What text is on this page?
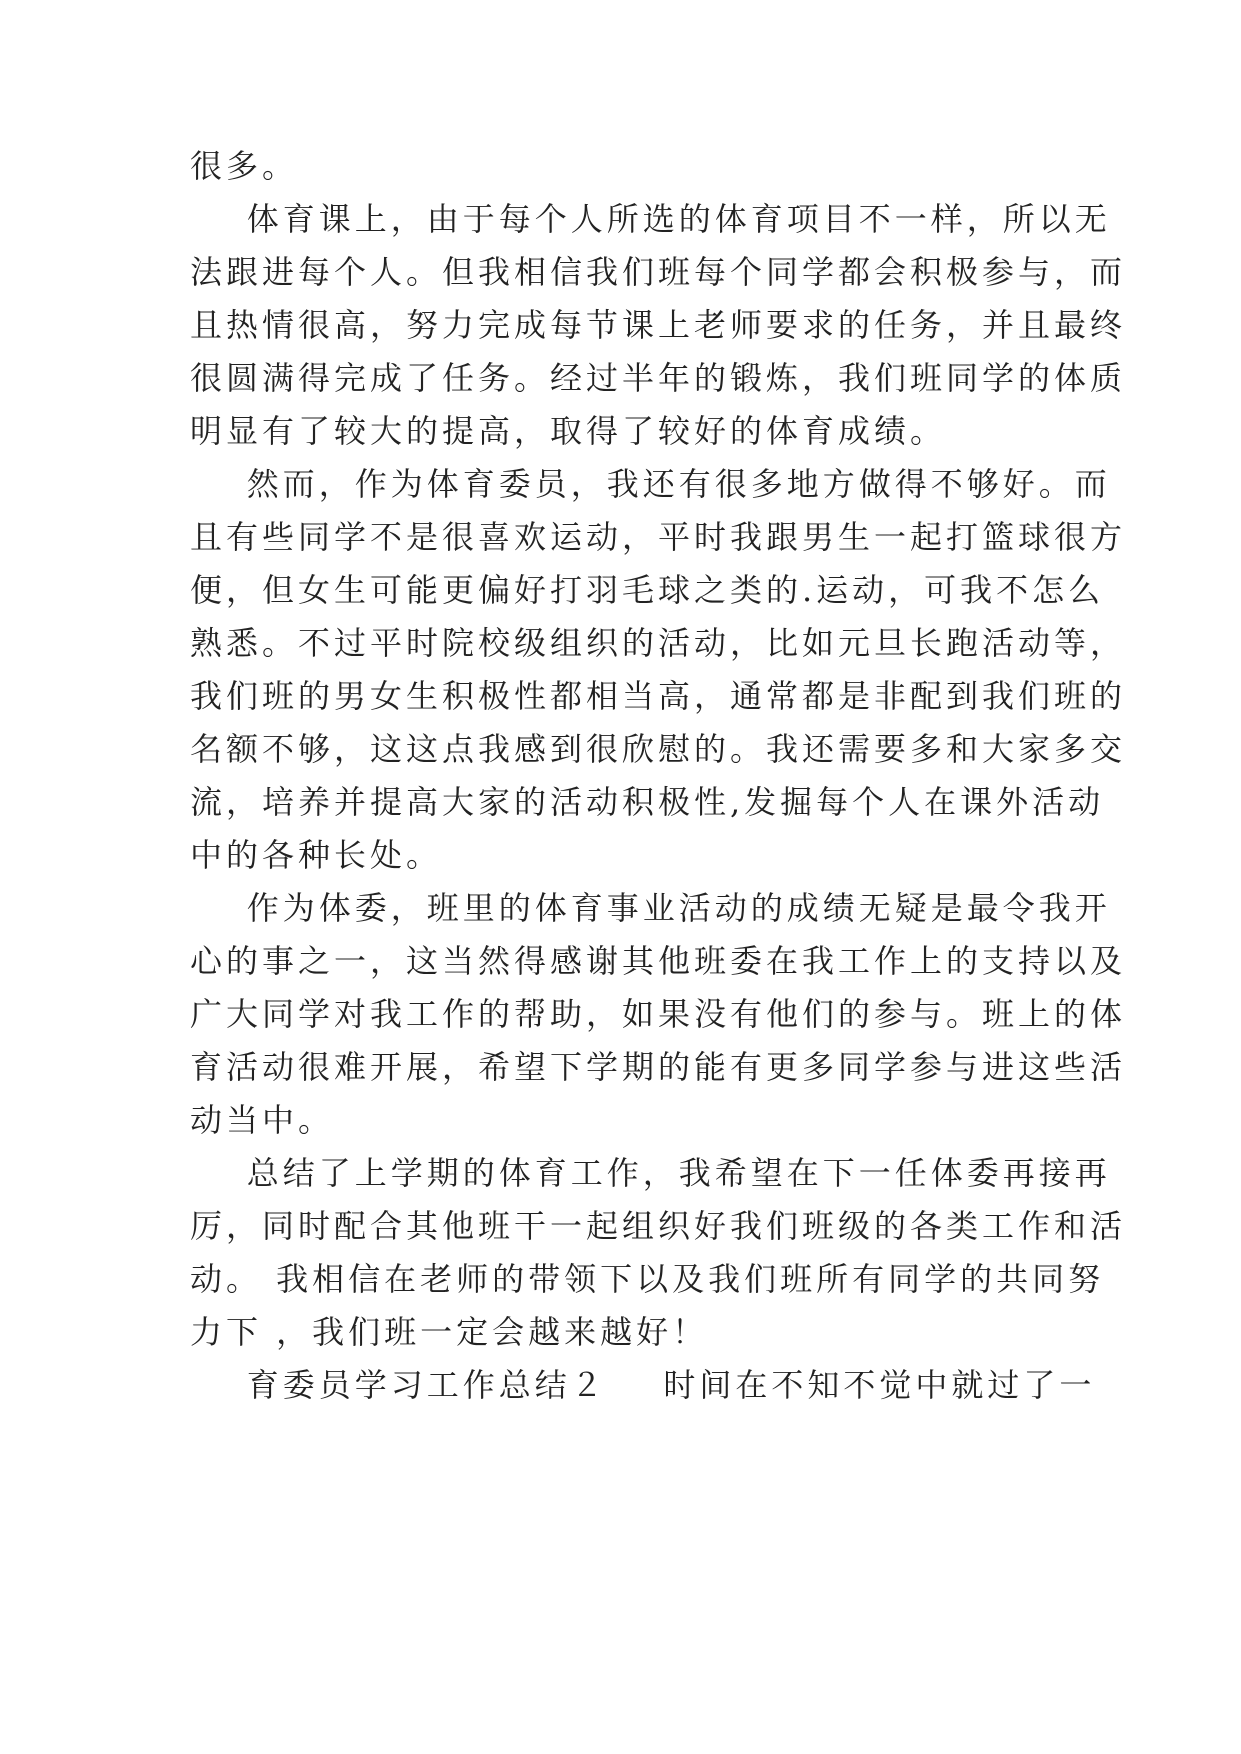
很多。
体育课上，由于每个人所选的体育项目不一样，所以无
法跟进每个人。但我相信我们班每个同学都会积极参与，而
且热情很高，努力完成每节课上老师要求的任务，并且最终
很圆满得完成了任务。经过半年的锻炼，我们班同学的体质
明显有了较大的提高，取得了较好的体育成绩。
然而，作为体育委员，我还有很多地方做得不够好。而
且有些同学不是很喜欢运动，平时我跟男生一起打篮球很方
便，但女生可能更偏好打羽毛球之类的.运动，可我不怎么
熟悉。不过平时院校级组织的活动，比如元旦长跑活动等，
我们班的男女生积极性都相当高，通常都是非配到我们班的
名额不够，这这点我感到很欣慰的。我还需要多和大家多交
流，培养并提高大家的活动积极性,发掘每个人在课外活动
中的各种长处。
作为体委，班里的体育事业活动的成绩无疑是最令我开
心的事之一，这当然得感谢其他班委在我工作上的支持以及
广大同学对我工作的帮助，如果没有他们的参与。班上的体
育活动很难开展，希望下学期的能有更多同学参与进这些活
动当中。
总结了上学期的体育工作，我希望在下一任体委再接再
厉，同时配合其他班干一起组织好我们班级的各类工作和活
动。 我相信在老师的带领下以及我们班所有同学的共同努
力下 ，我们班一定会越来越好！
育委员学习工作总结２    时间在不知不觉中就过了一
